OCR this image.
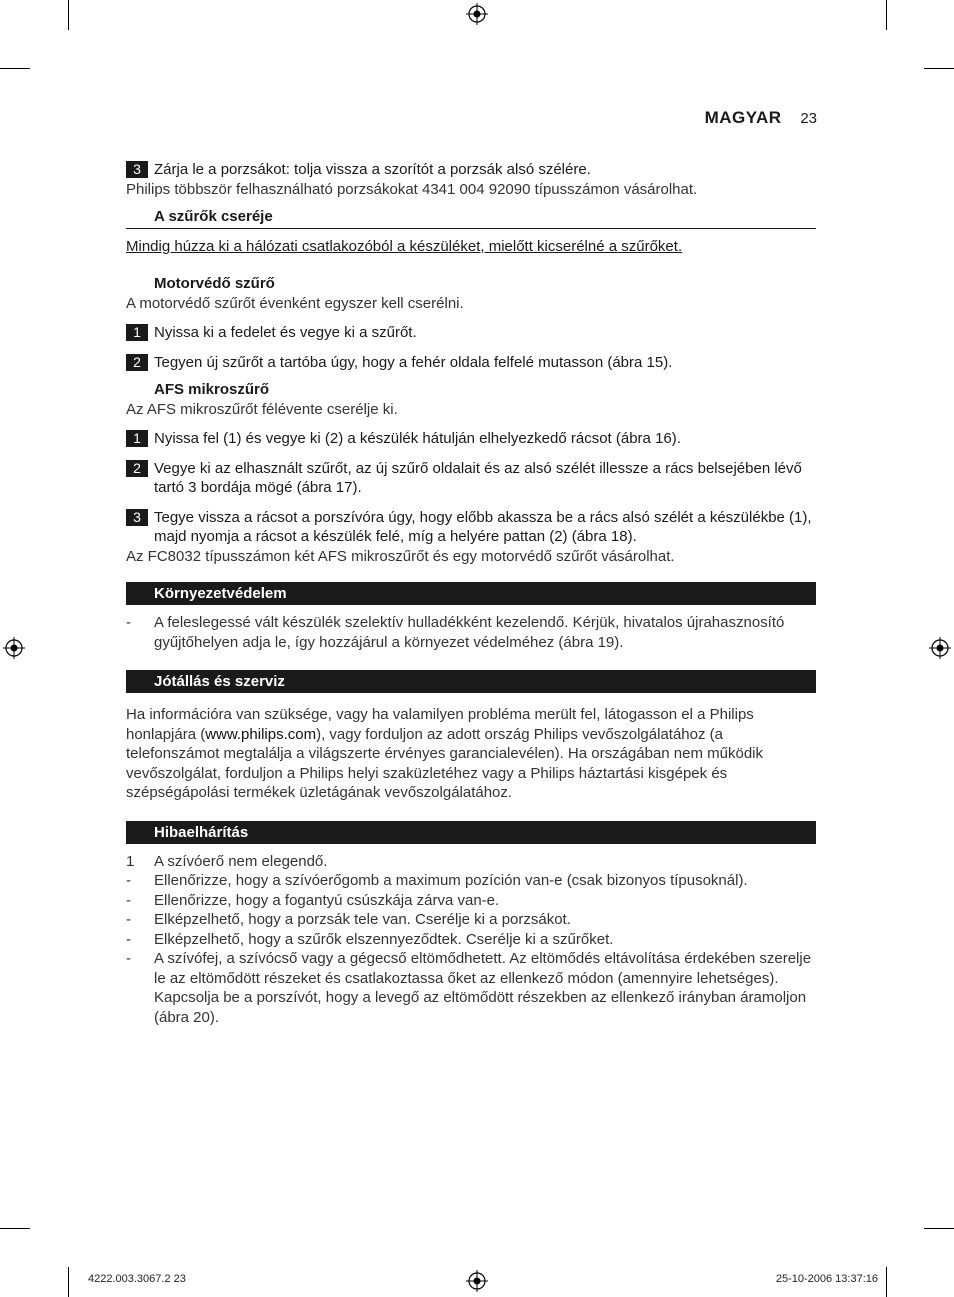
MAGYAR 23

3 Zárja le a porzsákot: tolja vissza a szorítót a porzsák alsó szélére.

Philips többször felhasználható porzsákokat 4341 004 92090 típusszámon vásárolhat.

A szűrők cseréje

Mindig húzza ki a hálózati csatlakozóból a készüléket, mielőtt kicserélné a szűrőket.

Motorvédő szűrő

A motorvédő szűrőt évenként egyszer kell cserélni.

1 Nyissa ki a fedelet és vegye ki a szűrőt.

2 Tegyen új szűrőt a tartóba úgy, hogy a fehér oldala felfelé mutasson (ábra 15).

AFS mikroszűrő

Az AFS mikroszűrőt félévente cserélje ki.

1 Nyissa fel (1) és vegye ki (2) a készülék hátulján elhelyezkedő rácsot (ábra 16).

2 Vegye ki az elhasznált szűrőt, az új szűrő oldalait és az alsó szélét illessze a rács belsejében lévő tartó 3 bordája mögé (ábra 17).

3 Tegye vissza a rácsot a porszívóra úgy, hogy előbb akassza be a rács alsó szélét a készülékbe (1), majd nyomja a rácsot a készülék felé, míg a helyére pattan (2) (ábra 18).

Az FC8032 típusszámon két AFS mikroszűrőt és egy motorvédő szűrőt vásárolhat.

Környezetvédelem

- A feleslegessé vált készülék szelektív hulladékként kezelendő. Kérjük, hivatalos újrahasznosító gyűjtőhelyen adja le, így hozzájárul a környezet védelméhez (ábra 19).

Jótállás és szerviz

Ha információra van szüksége, vagy ha valamilyen probléma merült fel, látogasson el a Philips honlapjára (www.philips.com), vagy forduljon az adott ország Philips vevőszolgálatához (a telefonszámot megtalálja a világszerte érvényes garancialevélen). Ha országában nem működik vevőszolgálat, forduljon a Philips helyi szaküzletéhez vagy a Philips háztartási kisgépek és szépségápolási termékek üzletágának vevőszolgálatához.

Hibaelhárítás

1 A szívóerő nem elegendő.

- Ellenőrizze, hogy a szívóerőgomb a maximum pozíción van-e (csak bizonyos típusoknál).

- Ellenőrizze, hogy a fogantyú csúszkája zárva van-e.

- Elképzelhető, hogy a porzsák tele van. Cserélje ki a porzsákot.

- Elképzelhető, hogy a szűrők elszennyeződtek. Cserélje ki a szűrőket.

- A szívófej, a szívócső vagy a gégecső eltömődhetett. Az eltömődés eltávolítása érdekében szerelje le az eltömődött részeket és csatlakoztassa őket az ellenkező módon (amennyire lehetséges). Kapcsolja be a porszívót, hogy a levegő az eltömődött részekben az ellenkező irányban áramoljon (ábra 20).

4222.003.3067.2 23	25-10-2006 13:37:16
